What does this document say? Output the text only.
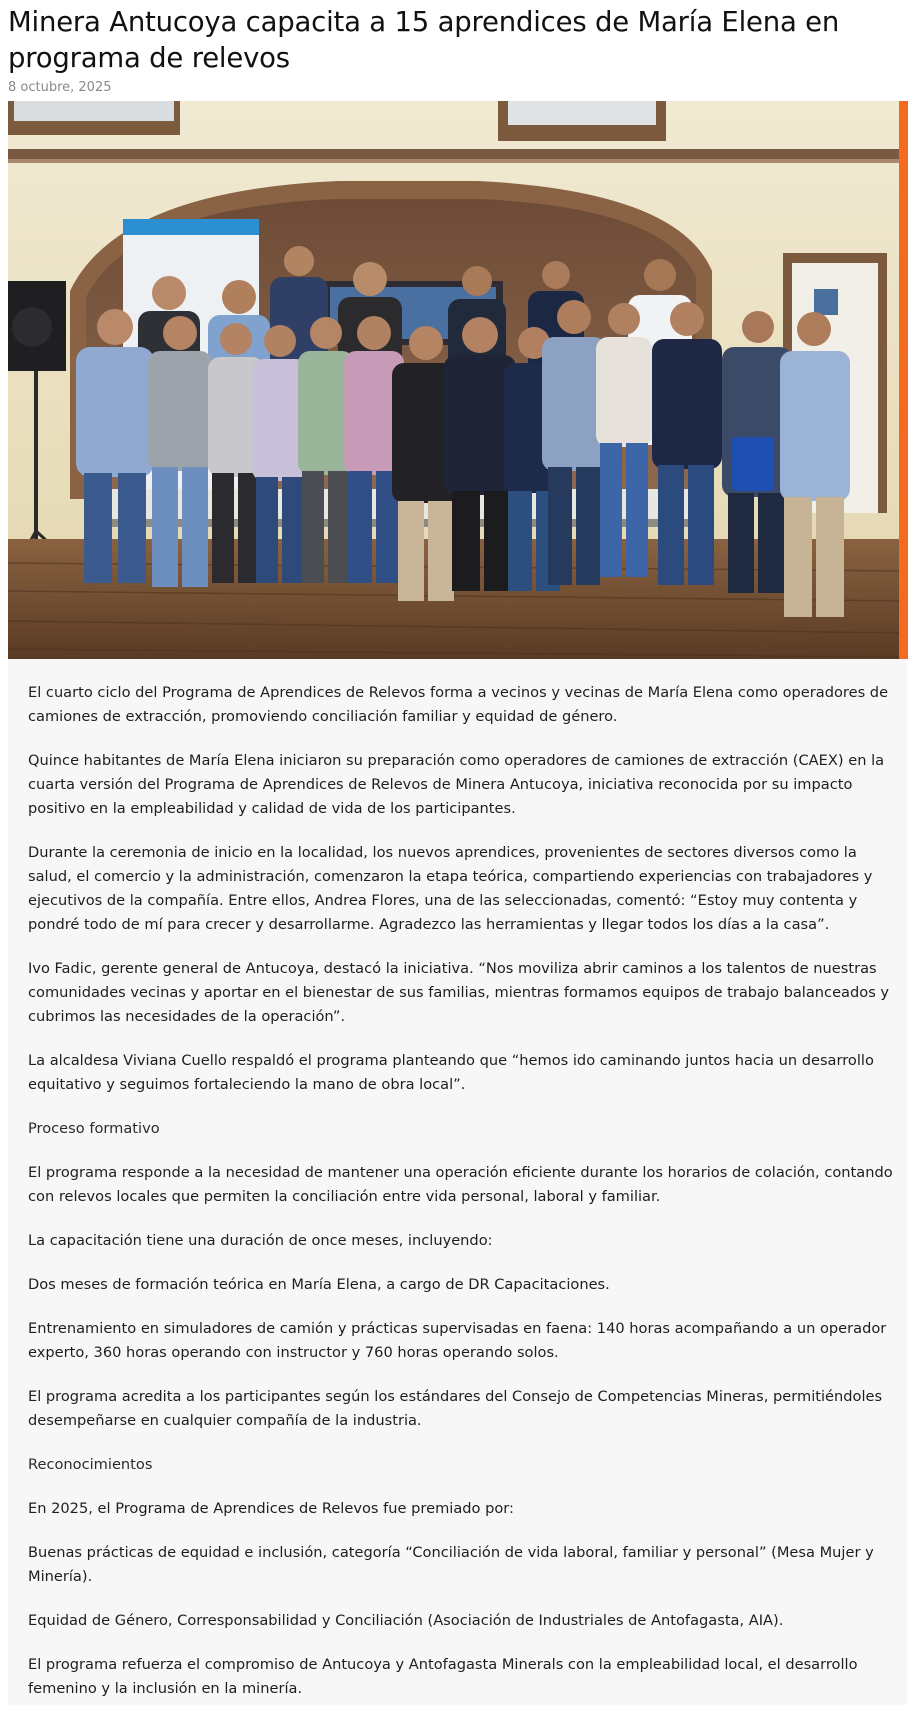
Minera Antucoya capacita a 15 aprendices de María Elena en programa de relevos
8 octubre, 2025

El cuarto ciclo del Programa de Aprendices de Relevos forma a vecinos y vecinas de María Elena como operadores de camiones de extracción, promoviendo conciliación familiar y equidad de género.

Quince habitantes de María Elena iniciaron su preparación como operadores de camiones de extracción (CAEX) en la cuarta versión del Programa de Aprendices de Relevos de Minera Antucoya, iniciativa reconocida por su impacto positivo en la empleabilidad y calidad de vida de los participantes.

Durante la ceremonia de inicio en la localidad, los nuevos aprendices, provenientes de sectores diversos como la salud, el comercio y la administración, comenzaron la etapa teórica, compartiendo experiencias con trabajadores y ejecutivos de la compañía. Entre ellos, Andrea Flores, una de las seleccionadas, comentó: “Estoy muy contenta y pondré todo de mí para crecer y desarrollarme. Agradezco las herramientas y llegar todos los días a la casa”.

Ivo Fadic, gerente general de Antucoya, destacó la iniciativa. “Nos moviliza abrir caminos a los talentos de nuestras comunidades vecinas y aportar en el bienestar de sus familias, mientras formamos equipos de trabajo balanceados y cubrimos las necesidades de la operación”.

La alcaldesa Viviana Cuello respaldó el programa planteando que “hemos ido caminando juntos hacia un desarrollo equitativo y seguimos fortaleciendo la mano de obra local”.

Proceso formativo

El programa responde a la necesidad de mantener una operación eficiente durante los horarios de colación, contando con relevos locales que permiten la conciliación entre vida personal, laboral y familiar.

La capacitación tiene una duración de once meses, incluyendo:

Dos meses de formación teórica en María Elena, a cargo de DR Capacitaciones.

Entrenamiento en simuladores de camión y prácticas supervisadas en faena: 140 horas acompañando a un operador experto, 360 horas operando con instructor y 760 horas operando solos.

El programa acredita a los participantes según los estándares del Consejo de Competencias Mineras, permitiéndoles desempeñarse en cualquier compañía de la industria.

Reconocimientos

En 2025, el Programa de Aprendices de Relevos fue premiado por:

Buenas prácticas de equidad e inclusión, categoría “Conciliación de vida laboral, familiar y personal” (Mesa Mujer y Minería).

Equidad de Género, Corresponsabilidad y Conciliación (Asociación de Industriales de Antofagasta, AIA).

El programa refuerza el compromiso de Antucoya y Antofagasta Minerals con la empleabilidad local, el desarrollo femenino y la inclusión en la minería.
